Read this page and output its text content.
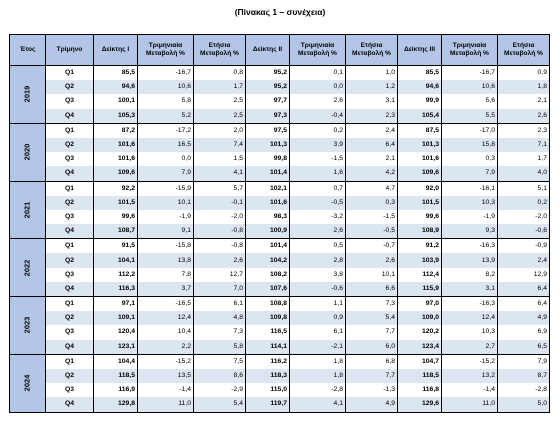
(Πίνακας 1 – συνέχεια)
Έτος	Τρίμηνο	Δείκτης I	Τριμηνιαία Μεταβολή %	Ετήσια Μεταβολή %	Δείκτης II	Τριμηνιαία Μεταβολή %	Ετήσια Μεταβολή %	Δείκτης III	Τριμηνιαία Μεταβολή %	Ετήσια Μεταβολή %
2019	Q1	85,5	-16,7	0,8	95,2	0,1	1,0	85,5	-16,7	0,9
	Q2	94,6	10,6	1,7	95,2	0,0	1,2	94,6	10,6	1,8
	Q3	100,1	5,8	2,5	97,7	2,6	3,1	99,9	5,6	2,1
	Q4	105,3	5,2	2,5	97,3	-0,4	2,3	105,4	5,5	2,6
2020	Q1	87,2	-17,2	2,0	97,5	0,2	2,4	87,5	-17,0	2,3
	Q2	101,6	16,5	7,4	101,3	3,9	6,4	101,3	15,8	7,1
	Q3	101,6	0,0	1,5	99,8	-1,5	2,1	101,6	0,3	1,7
	Q4	109,6	7,9	4,1	101,4	1,6	4,2	109,6	7,9	4,0
2021	Q1	92,2	-15,9	5,7	102,1	0,7	4,7	92,0	-16,1	5,1
	Q2	101,5	10,1	-0,1	101,6	-0,5	0,3	101,5	10,3	0,2
	Q3	99,6	-1,9	-2,0	98,3	-3,2	-1,5	99,6	-1,9	-2,0
	Q4	108,7	9,1	-0,8	100,9	2,6	-0,5	108,9	9,3	-0,6
2022	Q1	91,5	-15,8	-0,8	101,4	0,5	-0,7	91,2	-16,3	-0,9
	Q2	104,1	13,8	2,6	104,2	2,8	2,6	103,9	13,9	2,4
	Q3	112,2	7,8	12,7	108,2	3,8	10,1	112,4	8,2	12,9
	Q4	116,3	3,7	7,0	107,6	-0,6	6,6	115,9	3,1	6,4
2023	Q1	97,1	-16,5	6,1	108,8	1,1	7,3	97,0	-16,3	6,4
	Q2	109,1	12,4	4,8	109,8	0,9	5,4	109,0	12,4	4,9
	Q3	120,4	10,4	7,3	116,5	6,1	7,7	120,2	10,3	6,9
	Q4	123,1	2,2	5,8	114,1	-2,1	6,0	123,4	2,7	6,5
2024	Q1	104,4	-15,2	7,5	116,2	1,8	6,8	104,7	-15,2	7,9
	Q2	118,5	13,5	8,6	118,3	1,8	7,7	118,5	13,2	8,7
	Q3	116,9	-1,4	-2,9	115,0	-2,8	-1,3	116,8	-1,4	-2,8
	Q4	129,8	11,0	5,4	119,7	4,1	4,9	129,6	11,0	5,0
